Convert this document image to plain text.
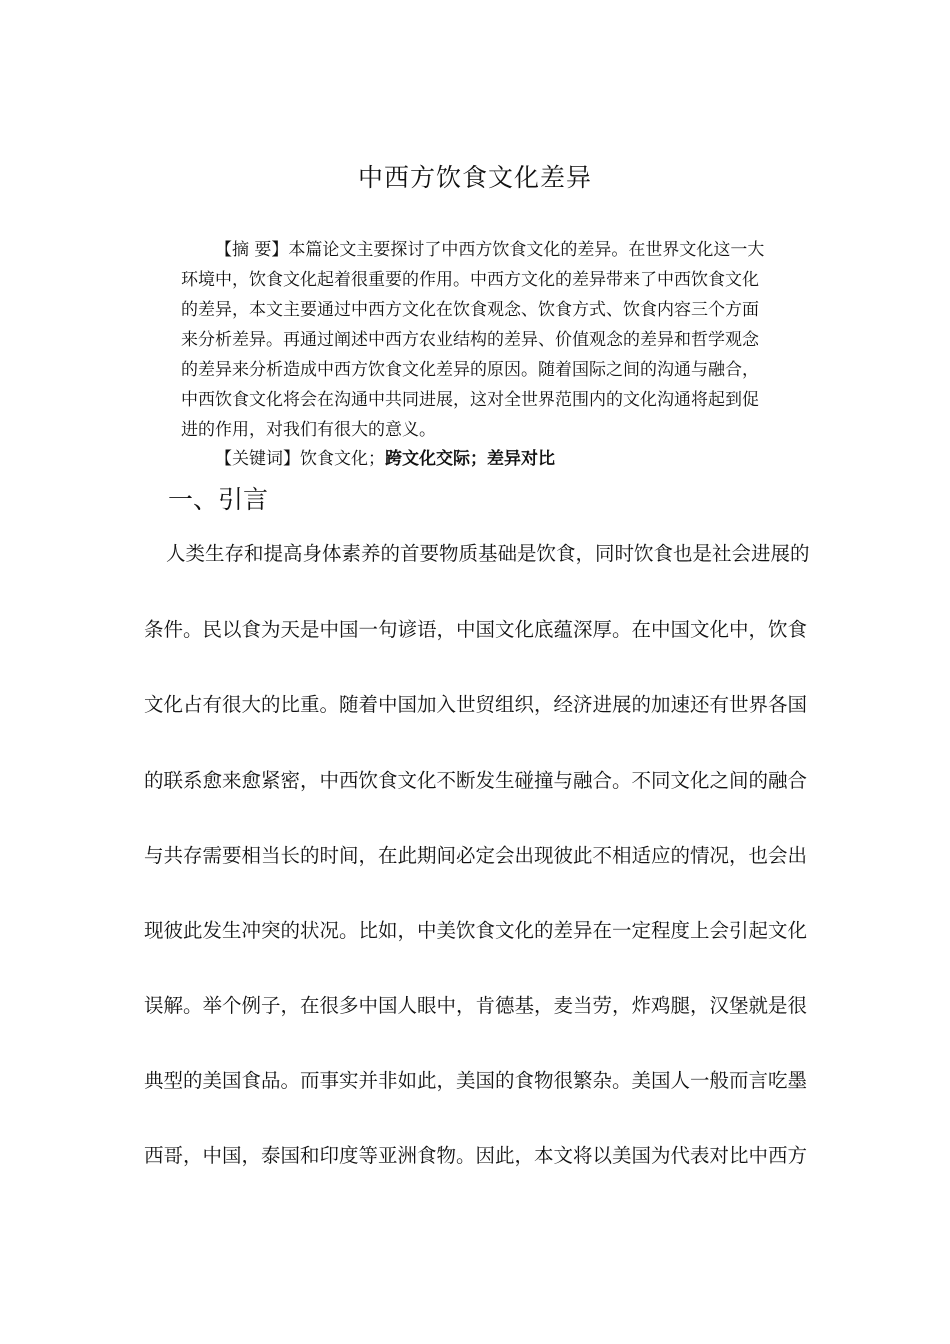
中西方饮食文化差异
【摘 要】本篇论文主要探讨了中西方饮食文化的差异。在世界文化这一大
环境中，饮食文化起着很重要的作用。中西方文化的差异带来了中西饮食文化
的差异，本文主要通过中西方文化在饮食观念、饮食方式、饮食内容三个方面
来分析差异。再通过阐述中西方农业结构的差异、价值观念的差异和哲学观念
的差异来分析造成中西方饮食文化差异的原因。随着国际之间的沟通与融合，
中西饮食文化将会在沟通中共同进展，这对全世界范围内的文化沟通将起到促
进的作用，对我们有很大的意义。
【关键词】饮食文化；跨文化交际；差异对比
一、引言
人类生存和提高身体素养的首要物质基础是饮食，同时饮食也是社会进展的
条件。民以食为天是中国一句谚语，中国文化底蕴深厚。在中国文化中，饮食
文化占有很大的比重。随着中国加入世贸组织，经济进展的加速还有世界各国
的联系愈来愈紧密，中西饮食文化不断发生碰撞与融合。不同文化之间的融合
与共存需要相当长的时间，在此期间必定会出现彼此不相适应的情况，也会出
现彼此发生冲突的状况。比如，中美饮食文化的差异在一定程度上会引起文化
误解。举个例子，在很多中国人眼中，肯德基，麦当劳，炸鸡腿，汉堡就是很
典型的美国食品。而事实并非如此，美国的食物很繁杂。美国人一般而言吃墨
西哥，中国，泰国和印度等亚洲食物。因此，本文将以美国为代表对比中西方
